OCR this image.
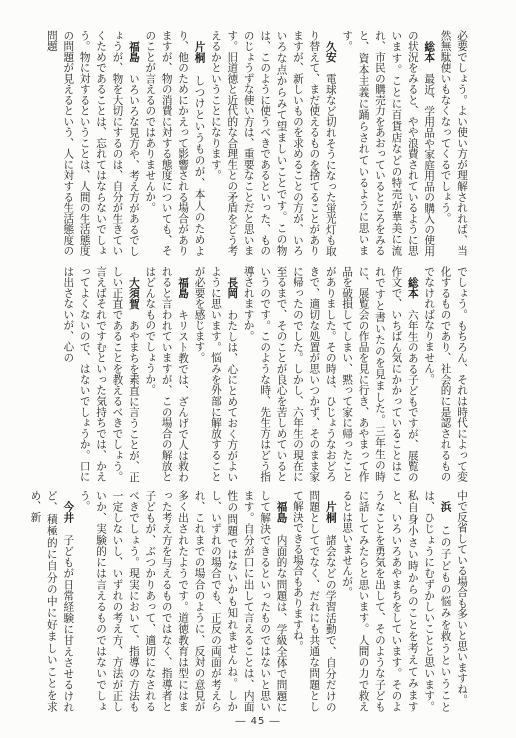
必要でしょう。よい使い方が理解されれば、当然無駄使いもなくなってくるでしょう。

総本　最近、学用品や家庭用品の購入の使用の状況をみると、やや浪費されているように思います。ことに百貨店などの特売が華美に流れ、市民の購売力をあおっているところをみると、資本主義に踊らされているように思います。

久安　電球など切れそうになった蛍光灯も取り替えて、まだ使えるものを捨てることがありますが、新しいものを求めることの方が、いろいろな点からみて望ましいことです。この物は、このように使うべきであるといった、もののじょうずな使い方は、重要なことだと思います。旧道徳と近代的な合理生との矛盾をどう考えるかということになります。

片桐　しつけというものが、本人のためより、他のためにかえって影響される場合がありますが、物の消費に対する態度についても、そのことが言えるのではありませんか。

福島　いろいろな見方や、考え方があるでしょうが、物を大切にするのは、自分が生きていくためであることは、忘れてはならないでしょう。物に対するということは、人間の生活態度の問題が見えるという、人に対する生活態度の問題

でしょう。もちろん、それは時代によって変化するものであり、社会的に是認されるものでなければなりません。

総本　六年生のある子どもですが、展覧の作文で、いちばん気にかかっていることはこれですと書いたのを見ました。三年生の時に、展覧会の作品を見に行き、あやまって作品を破損してしまい、黙って家に帰ったことがありました。その時は、ひじょうなおどろきで、適切な処置が思いつかず、そのまま家に帰ったのでした。しかし、六年生の現在に至るまで、そのことが良心を苦しめているというのです。このような時、先生方はどう指導されますか。

長岡　わたしは、心にとめておく方がよいように思います。悩みを外部に解放することが必要を感じます。

福島　キリスト教では、ざんげで人は救われると言われていますが、この場合の解放とはどんなものでしょうか。

大須賀　あやまちを素直に言うことが、正しい正直であることを教えるべきでしょう。言えばそれですむといった気持ちでは、かえってよくないので、はないでしょうか。口には出さないが、心の

中で反省している場合も多いと思いますね。

浜　この子どもの悩みを救うということは、ひじょうにむずかしいことと思います。私自身小さい時からのことを考えてみますと、いろいろあやまちをしています。そのようなことを勇気を出して、そのような子どもに話してみたらと思います。人間の力で救えるとは思いませんが。

片桐　諸会などの学習活動で、自分だけの問題としてでなく、だれにも共通な問題として解決できる場合もありますね。

福島　内面的な問題は、学級全体で問題にして解決できるといったものではないと思います。自分が口に出して言えることは、内面性の問題ではないかも知れませんね。しかし、いずれの場合でも、正反の両面が考えられ、これまでの場合のように、反対の意見が多く出されたようです。道徳教育は型にはまった考え方を与えるものではなく、指導者と子どもが、ぶつかりあって、適切になされるべきでしょう。現実において、指導の方法も一定しないし、いずれの考え方、方法が正しいか、実験的には言えるものではないでしょう。

今井　子どもが日常経験に甘えさせるけれど、積極的に自分の中に好ましいことを求め、新

― 45 ―
